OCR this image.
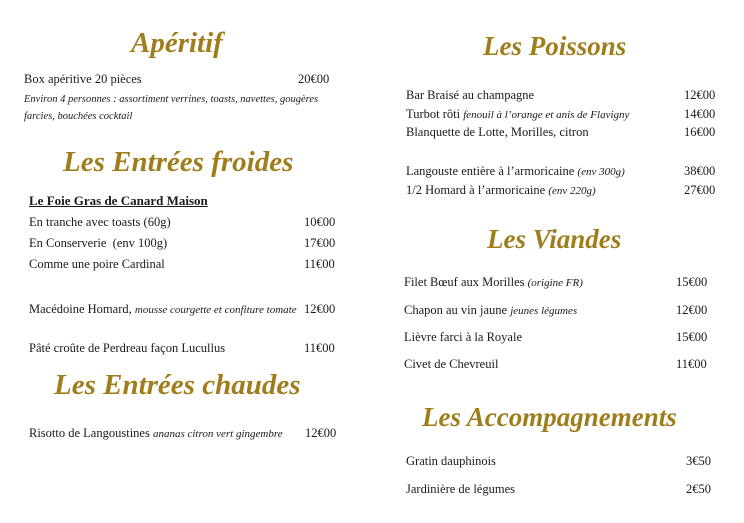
Apéritif
Box apéritive 20 pièces	20€00
Environ 4 personnes : assortiment verrines, toasts, navettes, gougères farcies, bouchées cocktail
Les Entrées froides
Le Foie Gras de Canard Maison
En tranche avec toasts (60g)	10€00
En Conserverie  (env 100g)	17€00
Comme une poire Cardinal	11€00
Macédoine Homard, mousse courgette et confiture tomate 12€00
Pâté croûte de Perdreau façon Lucullus	11€00
Les Entrées chaudes
Risotto de Langoustines ananas citron vert gingembre 12€00
Les Poissons
Bar Braisé au champagne	12€00
Turbot rôti fenouil à l’orange et anis de Flavigny	14€00
Blanquette de Lotte, Morilles, citron	16€00
Langouste entière à l’armoricaine (env 300g)	38€00
1/2 Homard à l’armoricaine (env 220g)	27€00
Les Viandes
Filet Bœuf aux Morilles (origine FR)	15€00
Chapon au vin jaune jeunes légumes	12€00
Lièvre farci à la Royale	15€00
Civet de Chevreuil	11€00
Les Accompagnements
Gratin dauphinois	3€50
Jardinière de légumes	2€50
